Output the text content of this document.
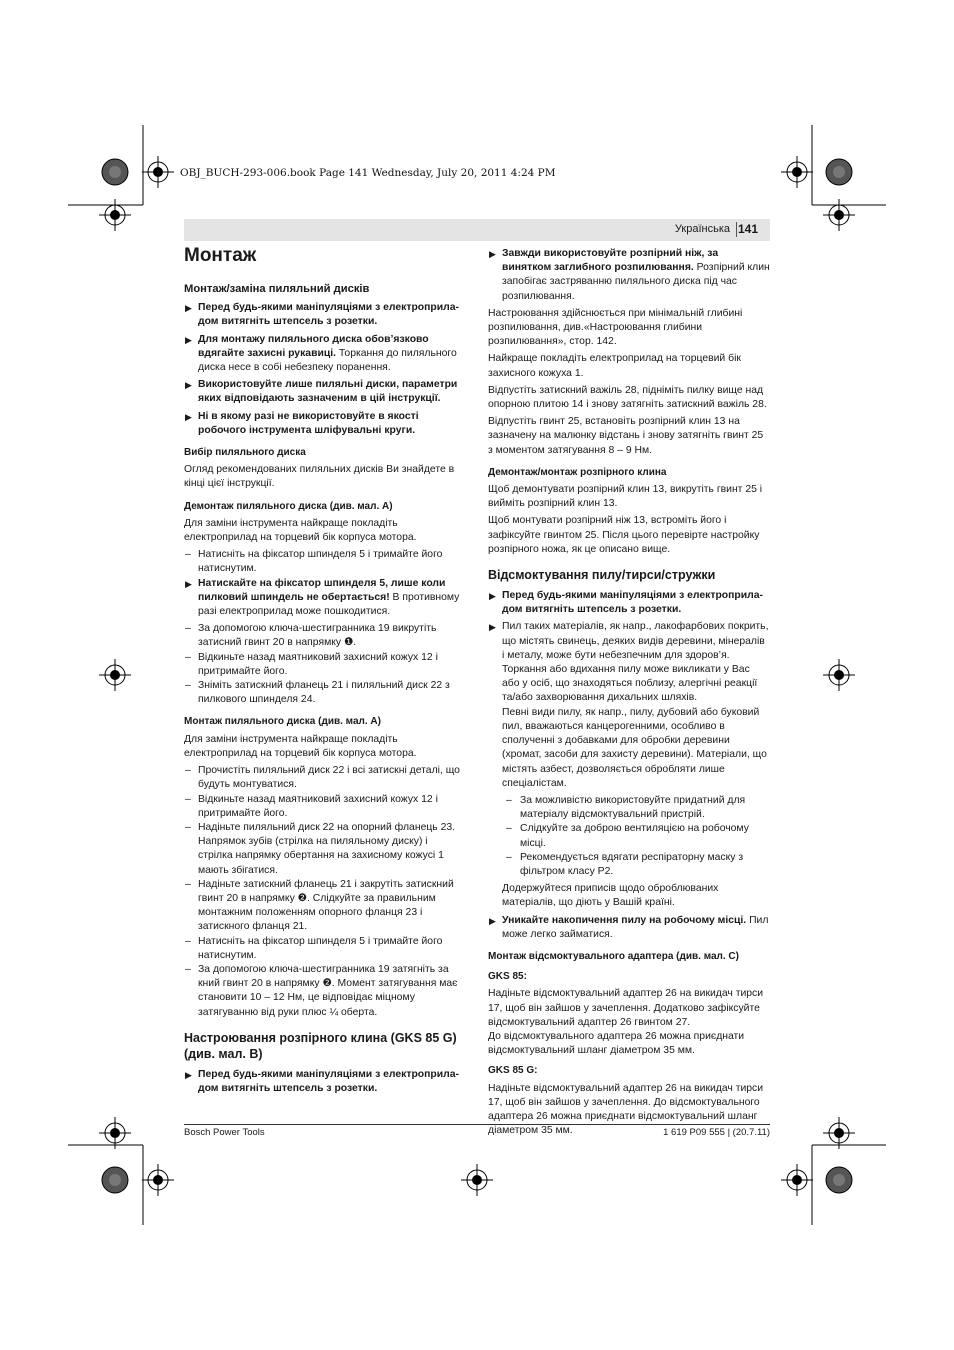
OBJ_BUCH-293-006.book Page 141 Wednesday, July 20, 2011 4:24 PM
Українська 141
Монтаж

Монтаж/заміна пиляльний дисків

▶ Перед будь-якими маніпуляціями з електроприла-дом витягніть штепсель з розетки.

▶ Для монтажу пиляльного диска обов’язково вдягайте захисні рукавиці. Торкання до пиляльного диска несе в собі небезпеку поранення.

▶ Використовуйте лише пиляльні диски, параметри яких відповідають зазначеним в цій інструкції.

▶ Ні в якому разі не використовуйте в якості робочого інструмента шліфувальні круги.

Вибір пиляльного диска

Огляд рекомендованих пиляльних дисків Ви знайдете в кінці цієї інструкції.

Демонтаж пиляльного диска (див. мал. А)

Для заміни інструмента найкраще покладіть електроприлад на торцевий бік корпуса мотора.

– Натисніть на фіксатор шпинделя 5 і тримайте його натиснутим.

▶ Натискайте на фіксатор шпинделя 5, лише коли пилковий шпиндель не обертається! В противному разі електроприлад може пошкодитися.

– За допомогою ключа-шестигранника 19 викрутіть затисний гвинт 20 в напрямку ❶.

– Відкиньте назад маятниковий захисний кожух 12 і притримайте його.

– Зніміть затискний фланець 21 і пиляльний диск 22 з пилкового шпинделя 24.

Монтаж пиляльного диска (див. мал. А)

Для заміни інструмента найкраще покладіть електроприлад на торцевий бік корпуса мотора.

– Прочистіть пиляльний диск 22 і всі затискні деталі, що будуть монтуватися.

– Відкиньте назад маятниковий захисний кожух 12 і притримайте його.

– Надіньте пиляльний диск 22 на опорний фланець 23. Напрямок зубів (стрілка на пиляльному диску) і стрілка напрямку обертання на захисному кожусі 1 мають збігатися.

– Надіньте затискний фланець 21 і закрутіть затискний гвинт 20 в напрямку ❷. Слідкуйте за правильним монтажним положенням опорного фланця 23 і затискного фланця 21.

– Натисніть на фіксатор шпинделя 5 і тримайте його натиснутим.

– За допомогою ключа-шестигранника 19 затягніть за кний гвинт 20 в напрямку ❷. Момент затягування має становити 10 – 12 Нм, це відповідає міцному затягуванню від руки плюс ¼ оберта.

Настроювання розпірного клина (GKS 85 G) (див. мал. B)

▶ Перед будь-якими маніпуляціями з електроприла-дом витягніть штепсель з розетки.

▶ Завжди використовуйте розпірний ніж, за винятком заглибного розпилювання. Розпірний клин запобігає застряванню пиляльного диска під час розпилювання.

Настроювання здійснюється при мінімальній глибині розпилювання, див.«Настроювання глибини розпилювання», стор. 142.

Найкраще покладіть електроприлад на торцевий бік захисного кожуха 1.

Відпустіть затискний важіль 28, підніміть пилку вище над опорною плитою 14 і знову затягніть затискний важіль 28.

Відпустіть гвинт 25, встановіть розпірний клин 13 на зазначену на малюнку відстань і знову затягніть гвинт 25 з моментом затягування 8 – 9 Нм.

Демонтаж/монтаж розпірного клина

Щоб демонтувати розпірний клин 13, викрутіть гвинт 25 і вийміть розпірний клин 13.

Щоб монтувати розпірний ніж 13, встроміть його і зафіксуйте гвинтом 25. Після цього перевірте настройку розпірного ножа, як це описано вище.

Відсмоктування пилу/тирси/стружки

▶ Перед будь-якими маніпуляціями з електроприла-дом витягніть штепсель з розетки.

▶ Пил таких матеріалів, як напр., лакофарбових покрить, що містять свинець, деяких видів деревини, мінералів і металу, може бути небезпечним для здоров’я. Торкання або вдихання пилу може викликати у Вас або у осіб, що знаходяться поблизу, алергічні реакції та/або захворювання дихальних шляхів.

Певні види пилу, як напр., пилу, дубовий або буковий пил, вважаються канцерогенними, особливо в сполученні з добавками для обробки деревини (хромат, засоби для захисту деревини). Матеріали, що містять азбест, дозволяється обробляти лише спеціалістам.

– За можливістю використовуйте придатний для матеріалу відсмоктувальний пристрій.

– Слідкуйте за доброю вентиляцією на робочому місці.

– Рекомендується вдягати респіраторну маску з фільтром класу Р2.

Додержуйтеся приписів щодо оброблюваних матеріалів, що діють у Вашій країні.

▶ Уникайте накопичення пилу на робочому місці. Пил може легко займатися.

Монтаж відсмоктувального адаптера (див. мал. С)

GKS 85:

Надіньте відсмоктувальний адаптер 26 на викидач тирси 17, щоб він зайшов у зачеплення. Додатково зафіксуйте відсмоктувальний адаптер 26 гвинтом 27.

До відсмоктувального адаптера 26 можна приєднати відсмоктувальний шланг діаметром 35 мм.

GKS 85 G:

Надіньте відсмоктувальний адаптер 26 на викидач тирси 17, щоб він зайшов у зачеплення. До відсмоктувального адаптера 26 можна приєднати відсмоктувальний шланг діаметром 35 мм.

Bosch Power Tools	1 619 P09 555 | (20.7.11)
